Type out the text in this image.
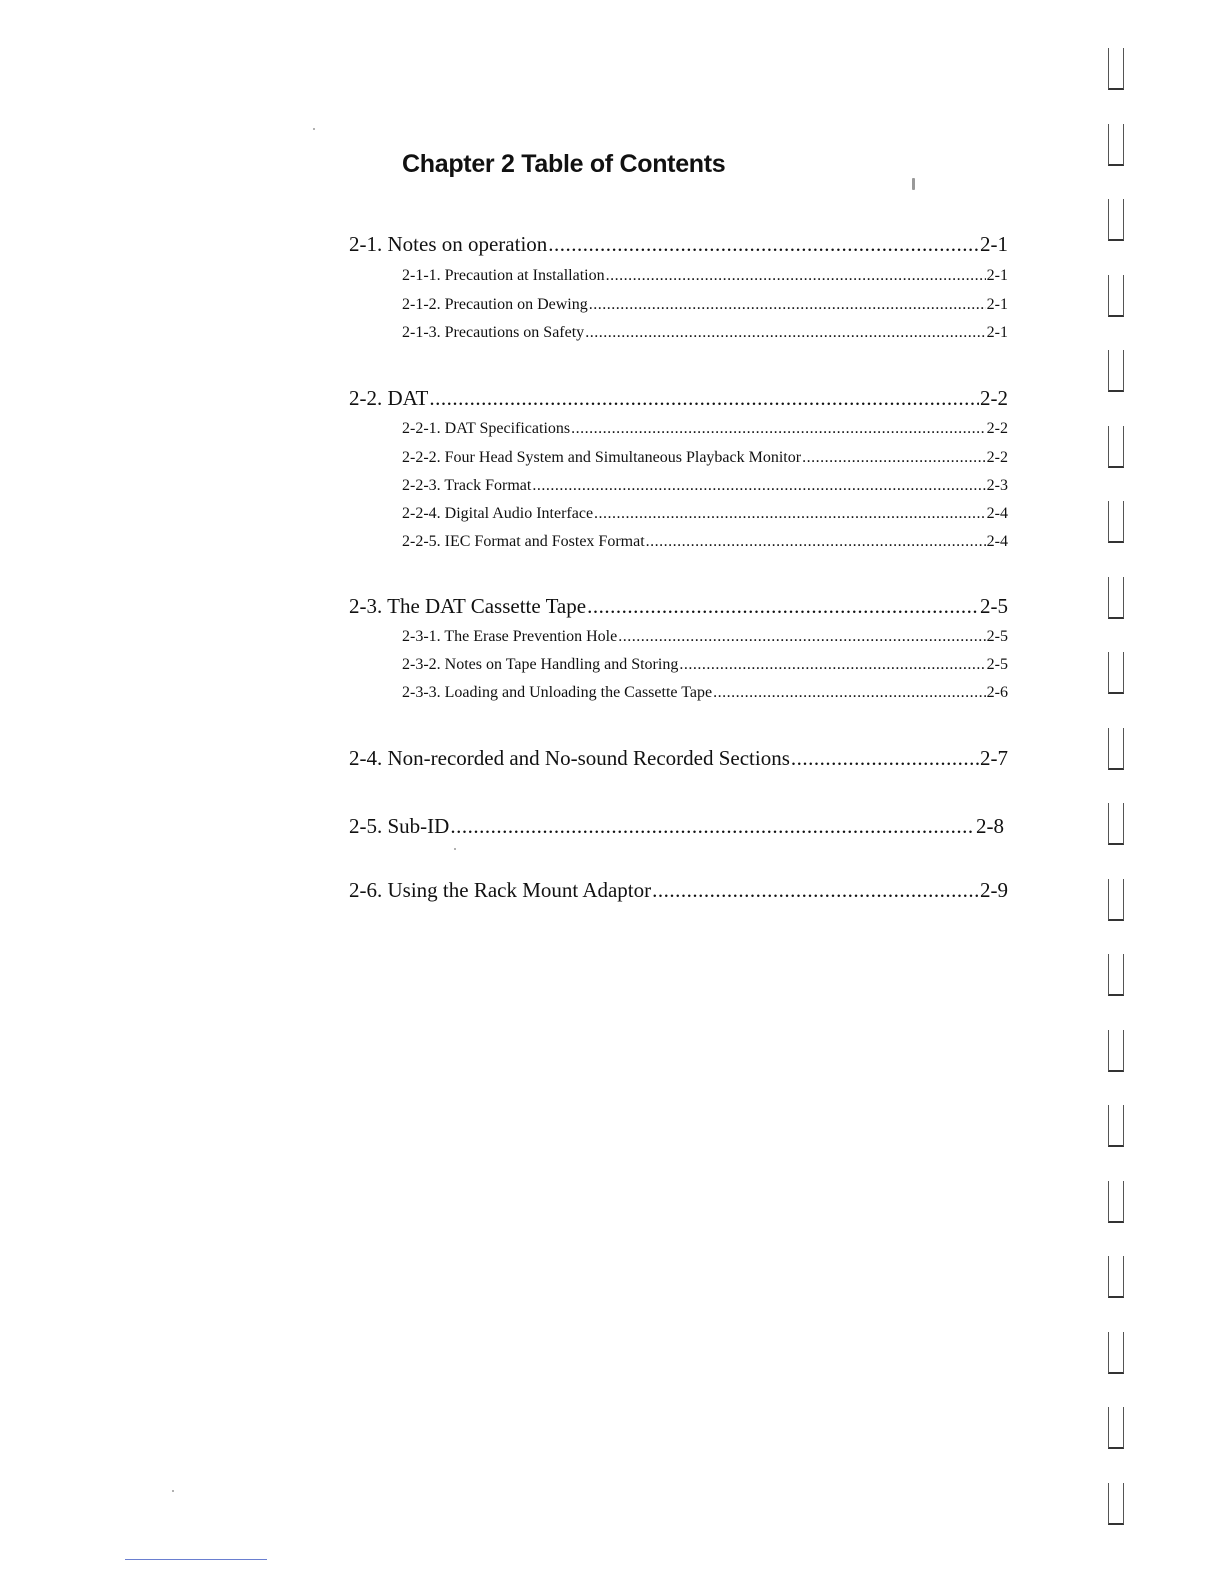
Chapter 2 Table of Contents
2-1. Notes on operation .....	2-1
2-1-1. Precaution at Installation .....	2-1
2-1-2. Precaution on Dewing .....	2-1
2-1-3. Precautions on Safety .....	2-1
2-2. DAT .....	2-2
2-2-1. DAT Specifications .....	2-2
2-2-2. Four Head System and Simultaneous Playback Monitor .....	2-2
2-2-3. Track Format .....	2-3
2-2-4. Digital Audio Interface .....	2-4
2-2-5. IEC Format and Fostex Format .....	2-4
2-3. The DAT Cassette Tape .....	2-5
2-3-1. The Erase Prevention Hole .....	2-5
2-3-2. Notes on Tape Handling and Storing .....	2-5
2-3-3. Loading and Unloading the Cassette Tape .....	2-6
2-4. Non-recorded and No-sound Recorded Sections .....	2-7
2-5. Sub-ID .....	2-8
2-6. Using the Rack Mount Adaptor .....	2-9
